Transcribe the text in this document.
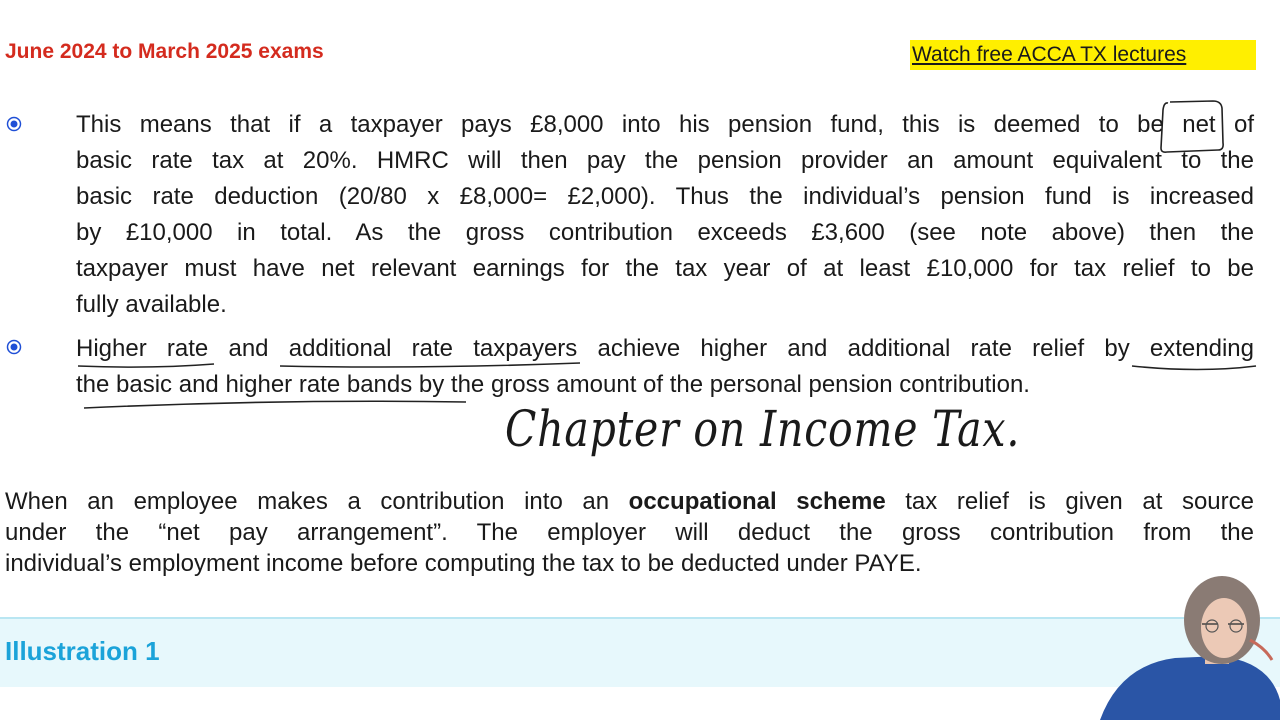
June 2024 to March 2025 exams	Watch free ACCA TX lectures
This means that if a taxpayer pays £8,000 into his pension fund, this is deemed to be net of
basic rate tax at 20%. HMRC will then pay the pension provider an amount equivalent to the
basic rate deduction (20/80 x £8,000= £2,000). Thus the individual’s pension fund is increased
by £10,000 in total. As the gross contribution exceeds £3,600 (see note above) then the
taxpayer must have net relevant earnings for the tax year of at least £10,000 for tax relief to be
fully available.
Higher rate and additional rate taxpayers achieve higher and additional rate relief by extending
the basic and higher rate bands by the gross amount of the personal pension contribution.
Chapter on Income Tax.
When an employee makes a contribution into an occupational scheme tax relief is given at source
under the “net pay arrangement”. The employer will deduct the gross contribution from the
individual’s employment income before computing the tax to be deducted under PAYE.
Illustration 1
